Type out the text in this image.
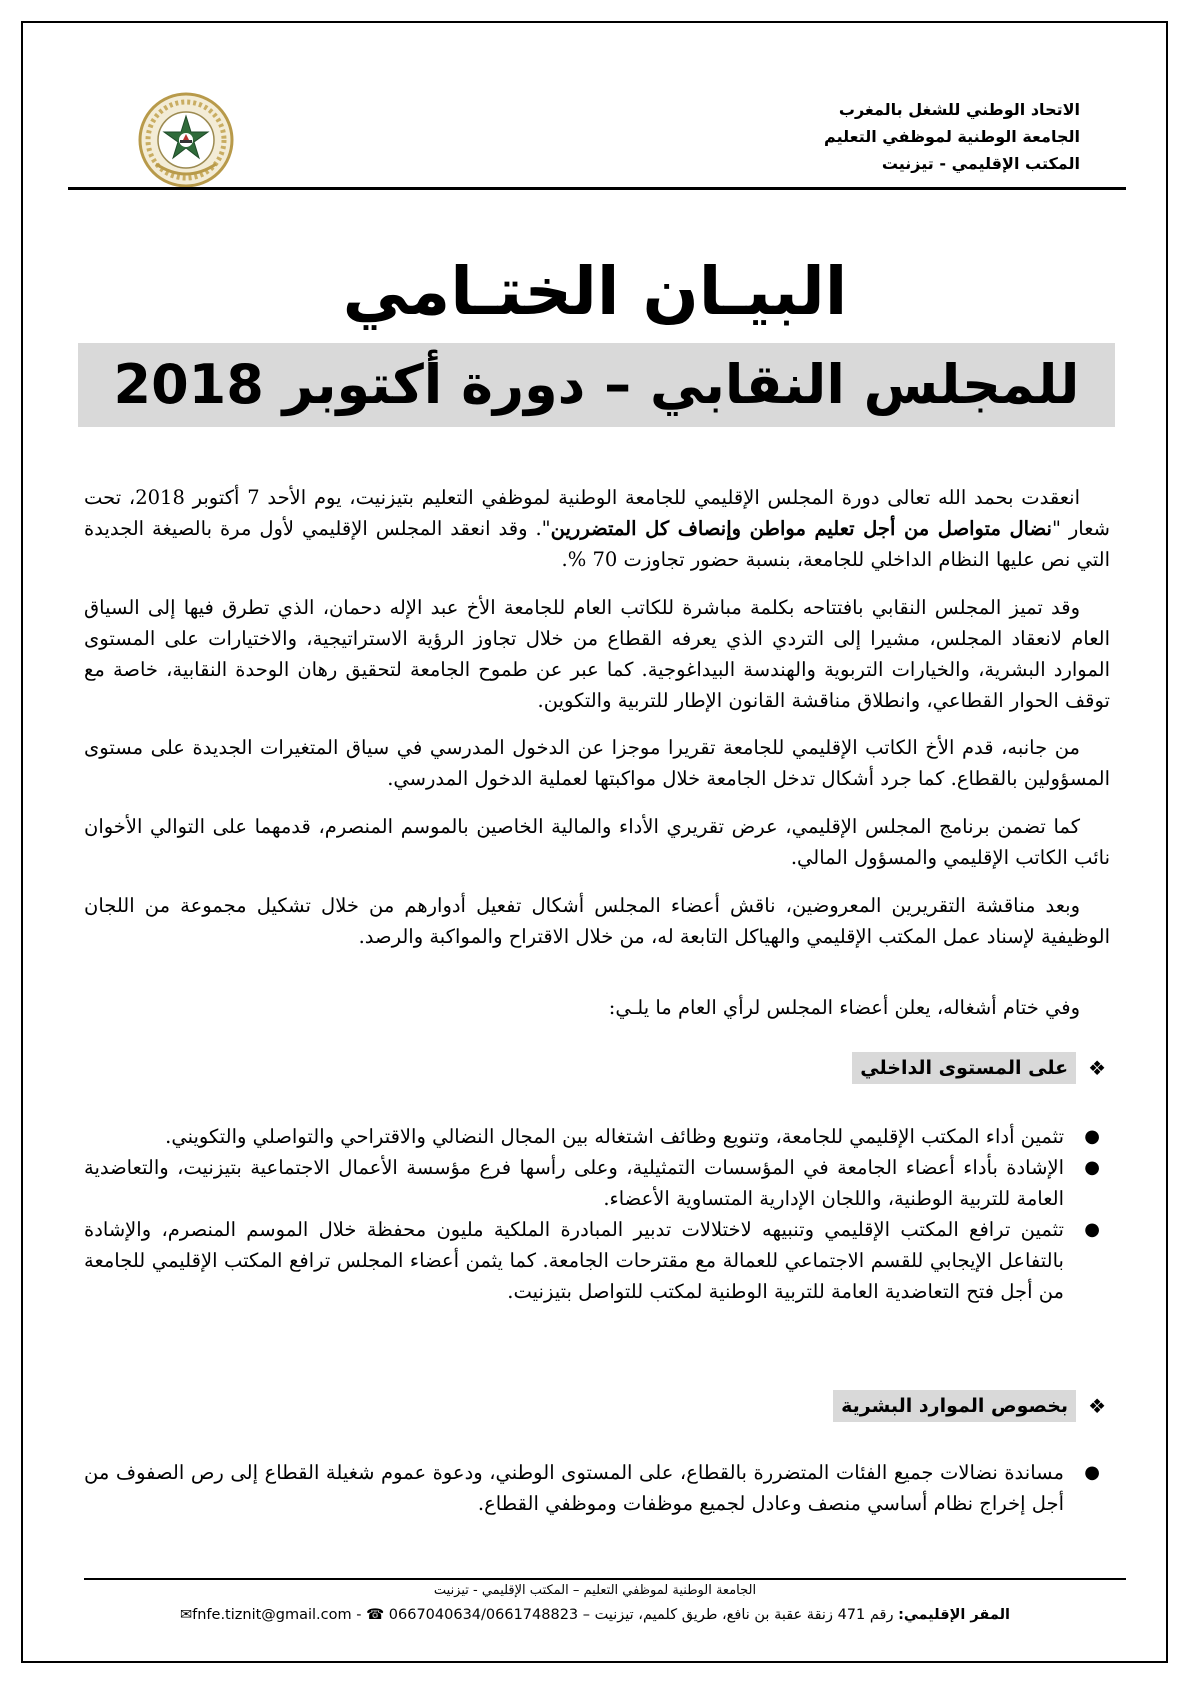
الاتحاد الوطني للشغل بالمغرب
الجامعة الوطنية لموظفي التعليم
المكتب الإقليمي - تيزنيت
البيـان الختـامي
للمجلس النقابي – دورة أكتوبر 2018

انعقدت بحمد الله تعالى دورة المجلس الإقليمي للجامعة الوطنية لموظفي التعليم بتيزنيت، يوم الأحد 7 أكتوبر 2018، تحت شعار "نضال متواصل من أجل تعليم مواطن وإنصاف كل المتضررين". وقد انعقد المجلس الإقليمي لأول مرة بالصيغة الجديدة التي نص عليها النظام الداخلي للجامعة، بنسبة حضور تجاوزت 70 %.

وقد تميز المجلس النقابي بافتتاحه بكلمة مباشرة للكاتب العام للجامعة الأخ عبد الإله دحمان، الذي تطرق فيها إلى السياق العام لانعقاد المجلس، مشيرا إلى التردي الذي يعرفه القطاع من خلال تجاوز الرؤية الاستراتيجية، والاختيارات على المستوى الموارد البشرية، والخيارات التربوية والهندسة البيداغوجية. كما عبر عن طموح الجامعة لتحقيق رهان الوحدة النقابية، خاصة مع توقف الحوار القطاعي، وانطلاق مناقشة القانون الإطار للتربية والتكوين.

من جانبه، قدم الأخ الكاتب الإقليمي للجامعة تقريرا موجزا عن الدخول المدرسي في سياق المتغيرات الجديدة على مستوى المسؤولين بالقطاع. كما جرد أشكال تدخل الجامعة خلال مواكبتها لعملية الدخول المدرسي.

كما تضمن برنامج المجلس الإقليمي، عرض تقريري الأداء والمالية الخاصين بالموسم المنصرم، قدمهما على التوالي الأخوان نائب الكاتب الإقليمي والمسؤول المالي.

وبعد مناقشة التقريرين المعروضين، ناقش أعضاء المجلس أشكال تفعيل أدوارهم من خلال تشكيل مجموعة من اللجان الوظيفية لإسناد عمل المكتب الإقليمي والهياكل التابعة له، من خلال الاقتراح والمواكبة والرصد.

وفي ختام أشغاله، يعلن أعضاء المجلس لرأي العام ما يلـي:

❖
على المستوى الداخلي
●
تثمين أداء المكتب الإقليمي للجامعة، وتنويع وظائف اشتغاله بين المجال النضالي والاقتراحي والتواصلي والتكويني.
●
الإشادة بأداء أعضاء الجامعة في المؤسسات التمثيلية، وعلى رأسها فرع مؤسسة الأعمال الاجتماعية بتيزنيت، والتعاضدية العامة للتربية الوطنية، واللجان الإدارية المتساوية الأعضاء.
●
تثمين ترافع المكتب الإقليمي وتنبيهه لاختلالات تدبير المبادرة الملكية مليون محفظة خلال الموسم المنصرم، والإشادة بالتفاعل الإيجابي للقسم الاجتماعي للعمالة مع مقترحات الجامعة. كما يثمن أعضاء المجلس ترافع المكتب الإقليمي للجامعة من أجل فتح التعاضدية العامة للتربية الوطنية لمكتب للتواصل بتيزنيت.
❖
بخصوص الموارد البشرية
●
مساندة نضالات جميع الفئات المتضررة بالقطاع، على المستوى الوطني، ودعوة عموم شغيلة القطاع إلى رص الصفوف من أجل إخراج نظام أساسي منصف وعادل لجميع موظفات وموظفي القطاع.
الجامعة الوطنية لموظفي التعليم – المكتب الإقليمي - تيزنيت
المقر الإقليمي: رقم 471 زنقة عقبة بن نافع، طريق كلميم، تيزنيت – 0667040634/0661748823 ☎ - fnfe.tiznit@gmail.com✉
